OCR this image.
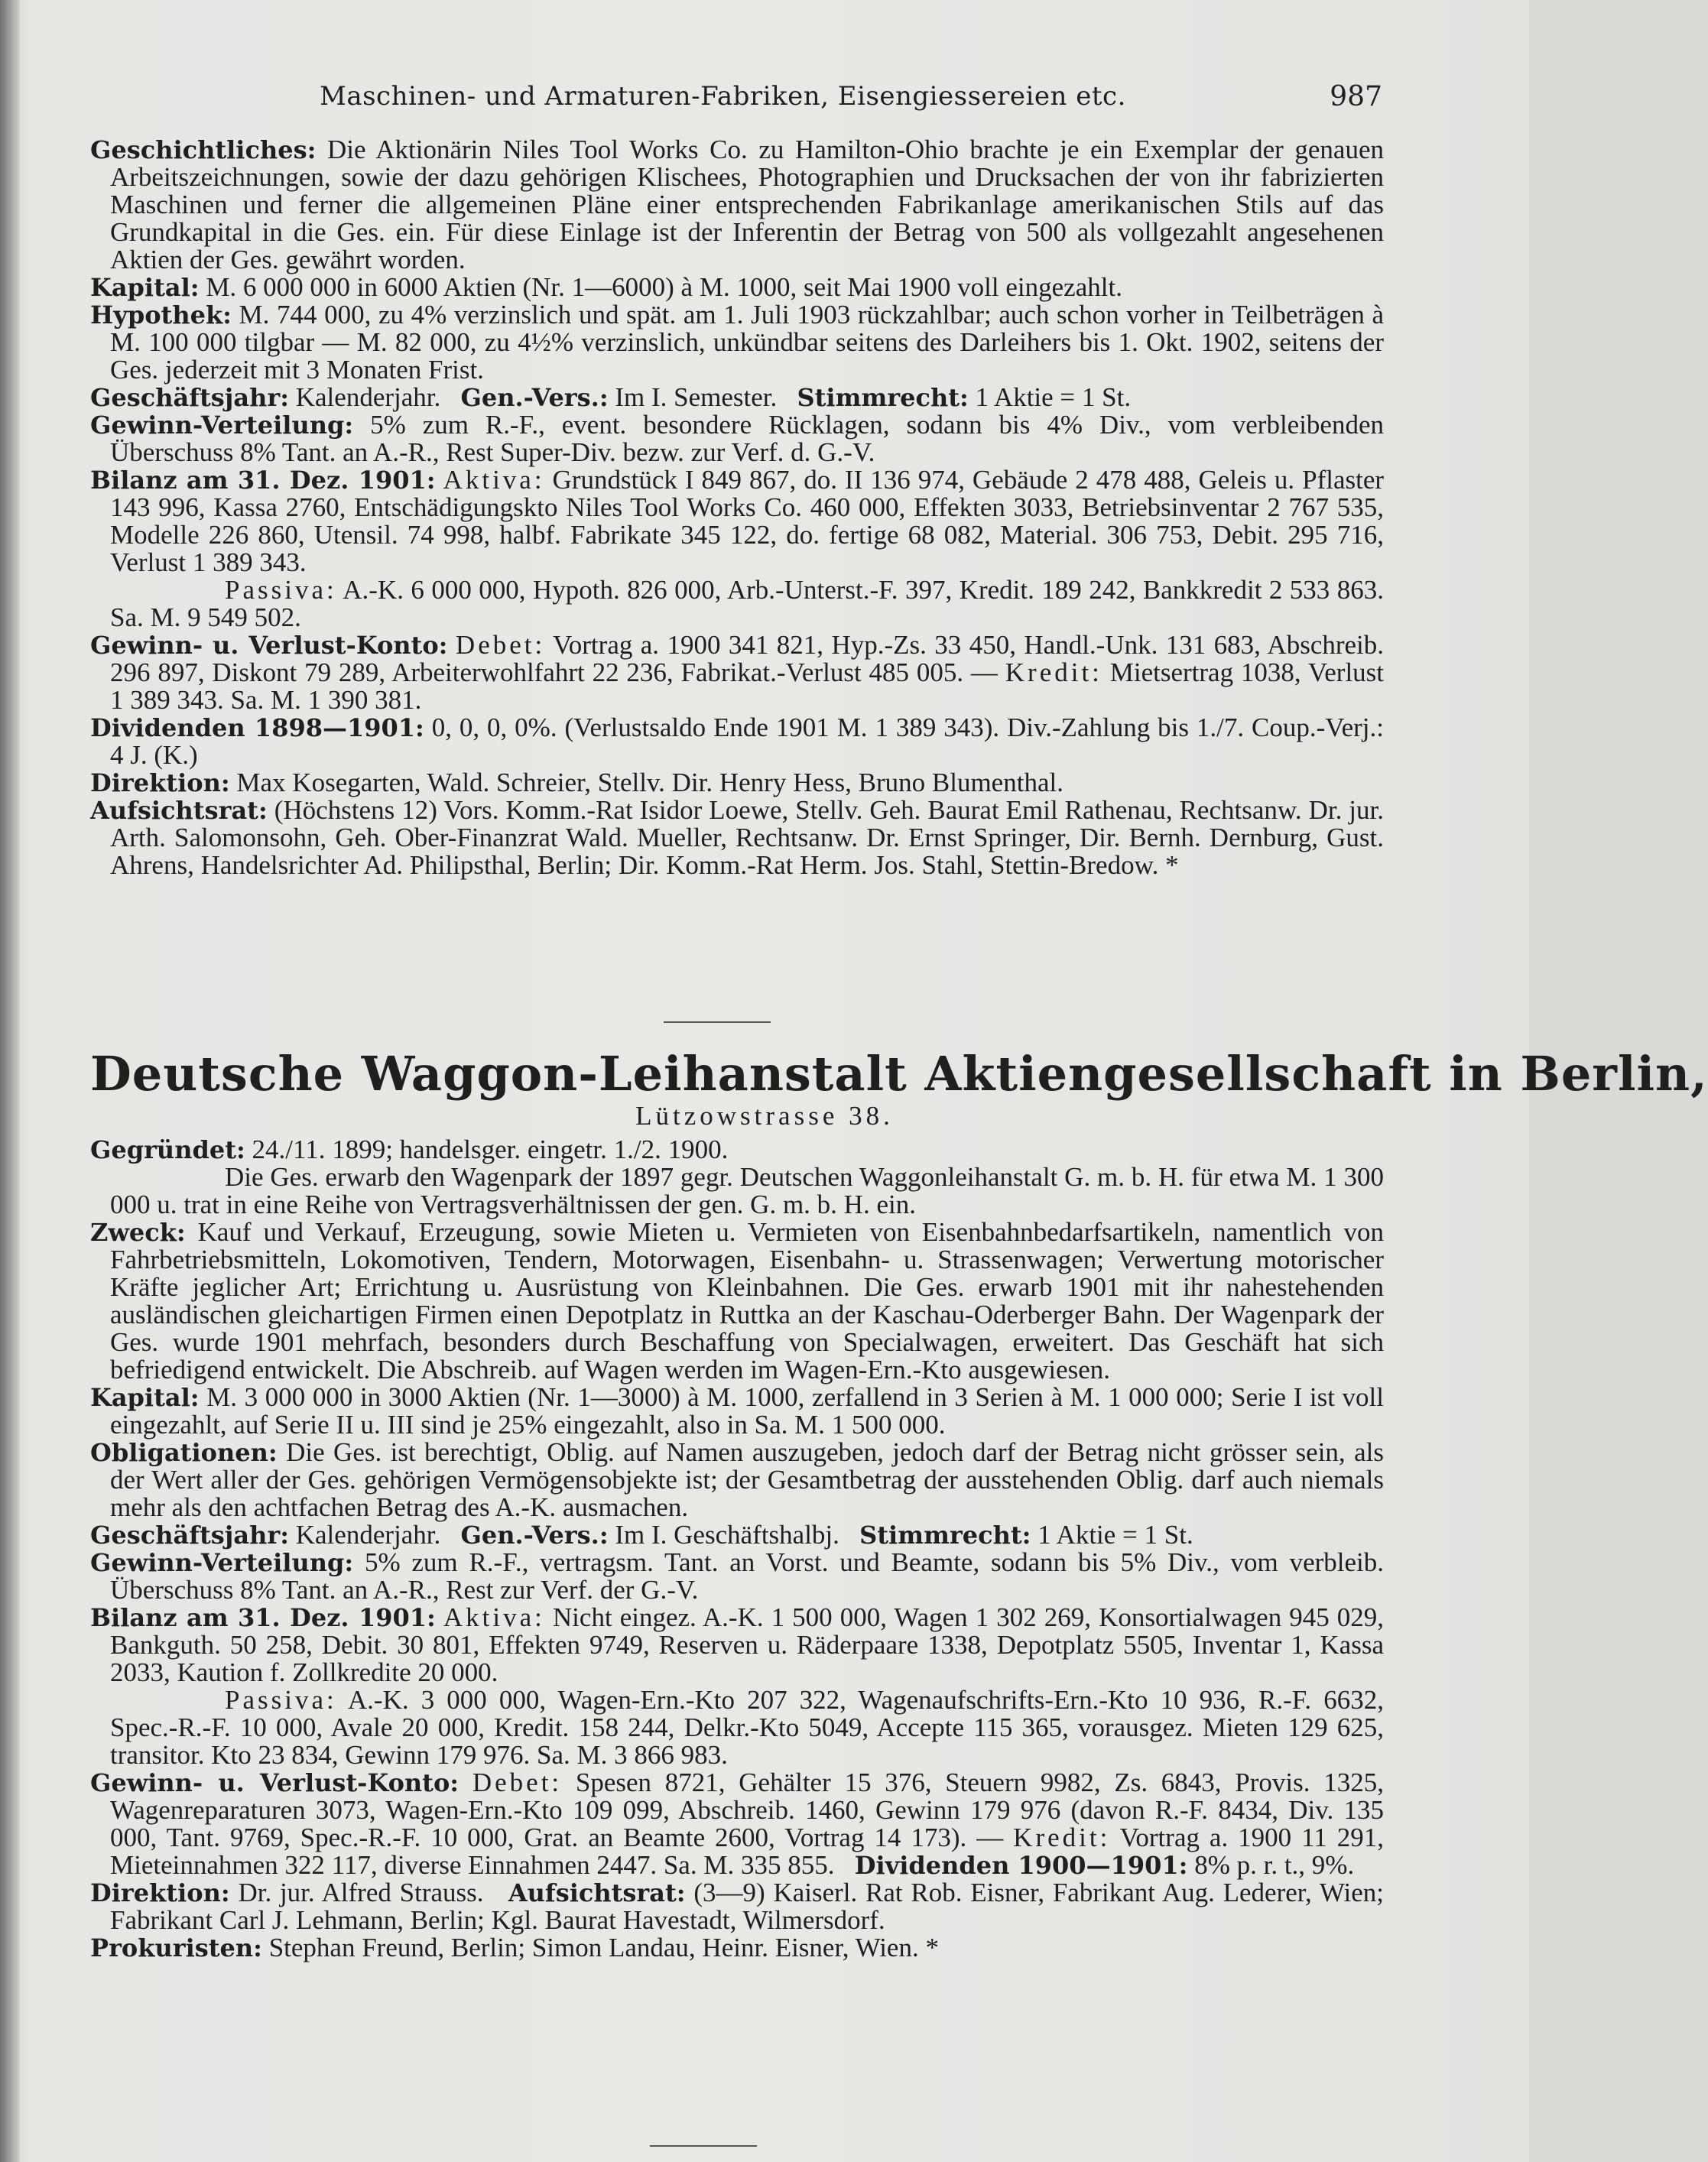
Maschinen- und Armaturen-Fabriken, Eisengiessereien etc.	987

Geschichtliches: Die Aktionärin Niles Tool Works Co. zu Hamilton-Ohio brachte je ein Exemplar der genauen Arbeitszeichnungen, sowie der dazu gehörigen Klischees, Photographien und Drucksachen der von ihr fabrizierten Maschinen und ferner die allgemeinen Pläne einer entsprechenden Fabrikanlage amerikanischen Stils auf das Grundkapital in die Ges. ein. Für diese Einlage ist der Inferentin der Betrag von 500 als vollgezahlt angesehenen Aktien der Ges. gewährt worden.

Kapital: M. 6 000 000 in 6000 Aktien (Nr. 1—6000) à M. 1000, seit Mai 1900 voll eingezahlt.

Hypothek: M. 744 000, zu 4% verzinslich und spät. am 1. Juli 1903 rückzahlbar; auch schon vorher in Teilbeträgen à M. 100 000 tilgbar — M. 82 000, zu 4½% verzinslich, unkündbar seitens des Darleihers bis 1. Okt. 1902, seitens der Ges. jederzeit mit 3 Monaten Frist.

Geschäftsjahr: Kalenderjahr. Gen.-Vers.: Im I. Semester. Stimmrecht: 1 Aktie = 1 St.

Gewinn-Verteilung: 5% zum R.-F., event. besondere Rücklagen, sodann bis 4% Div., vom verbleibenden Überschuss 8% Tant. an A.-R., Rest Super-Div. bezw. zur Verf. d. G.-V.

Bilanz am 31. Dez. 1901: Aktiva: Grundstück I 849 867, do. II 136 974, Gebäude 2 478 488, Geleis u. Pflaster 143 996, Kassa 2760, Entschädigungskto Niles Tool Works Co. 460 000, Effekten 3033, Betriebsinventar 2 767 535, Modelle 226 860, Utensil. 74 998, halbf. Fabrikate 345 122, do. fertige 68 082, Material. 306 753, Debit. 295 716, Verlust 1 389 343.

Passiva: A.-K. 6 000 000, Hypoth. 826 000, Arb.-Unterst.-F. 397, Kredit. 189 242, Bankkredit 2 533 863. Sa. M. 9 549 502.

Gewinn- u. Verlust-Konto: Debet: Vortrag a. 1900 341 821, Hyp.-Zs. 33 450, Handl.-Unk. 131 683, Abschreib. 296 897, Diskont 79 289, Arbeiterwohlfahrt 22 236, Fabrikat.-Verlust 485 005. — Kredit: Mietsertrag 1038, Verlust 1 389 343. Sa. M. 1 390 381.

Dividenden 1898—1901: 0, 0, 0, 0%. (Verlustsaldo Ende 1901 M. 1 389 343). Div.-Zahlung bis 1./7. Coup.-Verj.: 4 J. (K.)

Direktion: Max Kosegarten, Wald. Schreier, Stellv. Dir. Henry Hess, Bruno Blumenthal.

Aufsichtsrat: (Höchstens 12) Vors. Komm.-Rat Isidor Loewe, Stellv. Geh. Baurat Emil Rathenau, Rechtsanw. Dr. jur. Arth. Salomonsohn, Geh. Ober-Finanzrat Wald. Mueller, Rechtsanw. Dr. Ernst Springer, Dir. Bernh. Dernburg, Gust. Ahrens, Handelsrichter Ad. Philipsthal, Berlin; Dir. Komm.-Rat Herm. Jos. Stahl, Stettin-Bredow. *

Deutsche Waggon-Leihanstalt Aktiengesellschaft in Berlin,
Lützowstrasse 38.

Gegründet: 24./11. 1899; handelsger. eingetr. 1./2. 1900.

Die Ges. erwarb den Wagenpark der 1897 gegr. Deutschen Waggonleihanstalt G. m. b. H. für etwa M. 1 300 000 u. trat in eine Reihe von Vertragsverhältnissen der gen. G. m. b. H. ein.

Zweck: Kauf und Verkauf, Erzeugung, sowie Mieten u. Vermieten von Eisenbahnbedarfsartikeln, namentlich von Fahrbetriebsmitteln, Lokomotiven, Tendern, Motorwagen, Eisenbahn- u. Strassenwagen; Verwertung motorischer Kräfte jeglicher Art; Errichtung u. Ausrüstung von Kleinbahnen. Die Ges. erwarb 1901 mit ihr nahestehenden ausländischen gleichartigen Firmen einen Depotplatz in Ruttka an der Kaschau-Oderberger Bahn. Der Wagenpark der Ges. wurde 1901 mehrfach, besonders durch Beschaffung von Specialwagen, erweitert. Das Geschäft hat sich befriedigend entwickelt. Die Abschreib. auf Wagen werden im Wagen-Ern.-Kto ausgewiesen.

Kapital: M. 3 000 000 in 3000 Aktien (Nr. 1—3000) à M. 1000, zerfallend in 3 Serien à M. 1 000 000; Serie I ist voll eingezahlt, auf Serie II u. III sind je 25% eingezahlt, also in Sa. M. 1 500 000.

Obligationen: Die Ges. ist berechtigt, Oblig. auf Namen auszugeben, jedoch darf der Betrag nicht grösser sein, als der Wert aller der Ges. gehörigen Vermögensobjekte ist; der Gesamtbetrag der ausstehenden Oblig. darf auch niemals mehr als den achtfachen Betrag des A.-K. ausmachen.

Geschäftsjahr: Kalenderjahr. Gen.-Vers.: Im I. Geschäftshalbj. Stimmrecht: 1 Aktie = 1 St.

Gewinn-Verteilung: 5% zum R.-F., vertragsm. Tant. an Vorst. und Beamte, sodann bis 5% Div., vom verbleib. Überschuss 8% Tant. an A.-R., Rest zur Verf. der G.-V.

Bilanz am 31. Dez. 1901: Aktiva: Nicht eingez. A.-K. 1 500 000, Wagen 1 302 269, Konsortialwagen 945 029, Bankguth. 50 258, Debit. 30 801, Effekten 9749, Reserven u. Räderpaare 1338, Depotplatz 5505, Inventar 1, Kassa 2033, Kaution f. Zollkredite 20 000.

Passiva: A.-K. 3 000 000, Wagen-Ern.-Kto 207 322, Wagenaufschrifts-Ern.-Kto 10 936, R.-F. 6632, Spec.-R.-F. 10 000, Avale 20 000, Kredit. 158 244, Delkr.-Kto 5049, Accepte 115 365, vorausgez. Mieten 129 625, transitor. Kto 23 834, Gewinn 179 976. Sa. M. 3 866 983.

Gewinn- u. Verlust-Konto: Debet: Spesen 8721, Gehälter 15 376, Steuern 9982, Zs. 6843, Provis. 1325, Wagenreparaturen 3073, Wagen-Ern.-Kto 109 099, Abschreib. 1460, Gewinn 179 976 (davon R.-F. 8434, Div. 135 000, Tant. 9769, Spec.-R.-F. 10 000, Grat. an Beamte 2600, Vortrag 14 173). — Kredit: Vortrag a. 1900 11 291, Mieteinnahmen 322 117, diverse Einnahmen 2447. Sa. M. 335 855. Dividenden 1900—1901: 8% p. r. t., 9%.

Direktion: Dr. jur. Alfred Strauss. Aufsichtsrat: (3—9) Kaiserl. Rat Rob. Eisner, Fabrikant Aug. Lederer, Wien; Fabrikant Carl J. Lehmann, Berlin; Kgl. Baurat Havestadt, Wilmersdorf.

Prokuristen: Stephan Freund, Berlin; Simon Landau, Heinr. Eisner, Wien. *
